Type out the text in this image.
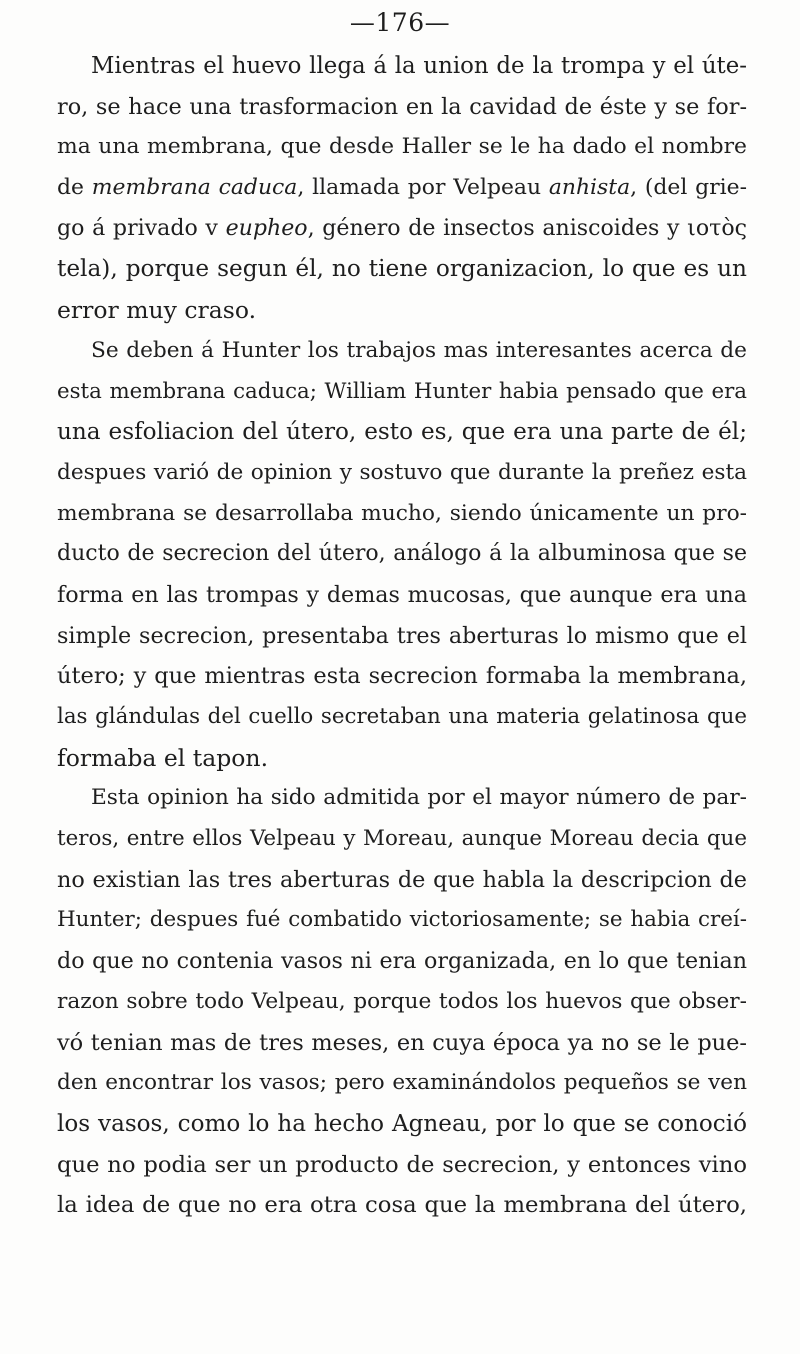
—176—
Mientras el huevo llega á la union de la trompa y el úte-
ro, se hace una trasformacion en la cavidad de éste y se for-
ma una membrana, que desde Haller se le ha dado el nombre
de membrana caduca, llamada por Velpeau anhista, (del grie-
go á privado v eupheo, género de insectos aniscoides y ιοτὸς
tela), porque segun él, no tiene organizacion, lo que es un
error muy craso.
Se deben á Hunter los trabajos mas interesantes acerca de
esta membrana caduca; William Hunter habia pensado que era
una esfoliacion del útero, esto es, que era una parte de él;
despues varió de opinion y sostuvo que durante la preñez esta
membrana se desarrollaba mucho, siendo únicamente un pro-
ducto de secrecion del útero, análogo á la albuminosa que se
forma en las trompas y demas mucosas, que aunque era una
simple secrecion, presentaba tres aberturas lo mismo que el
útero; y que mientras esta secrecion formaba la membrana,
las glándulas del cuello secretaban una materia gelatinosa que
formaba el tapon.
Esta opinion ha sido admitida por el mayor número de par-
teros, entre ellos Velpeau y Moreau, aunque Moreau decia que
no existian las tres aberturas de que habla la descripcion de
Hunter; despues fué combatido victoriosamente; se habia creí-
do que no contenia vasos ni era organizada, en lo que tenian
razon sobre todo Velpeau, porque todos los huevos que obser-
vó tenian mas de tres meses, en cuya época ya no se le pue-
den encontrar los vasos; pero examinándolos pequeños se ven
los vasos, como lo ha hecho Agneau, por lo que se conoció
que no podia ser un producto de secrecion, y entonces vino
la idea de que no era otra cosa que la membrana del útero,
